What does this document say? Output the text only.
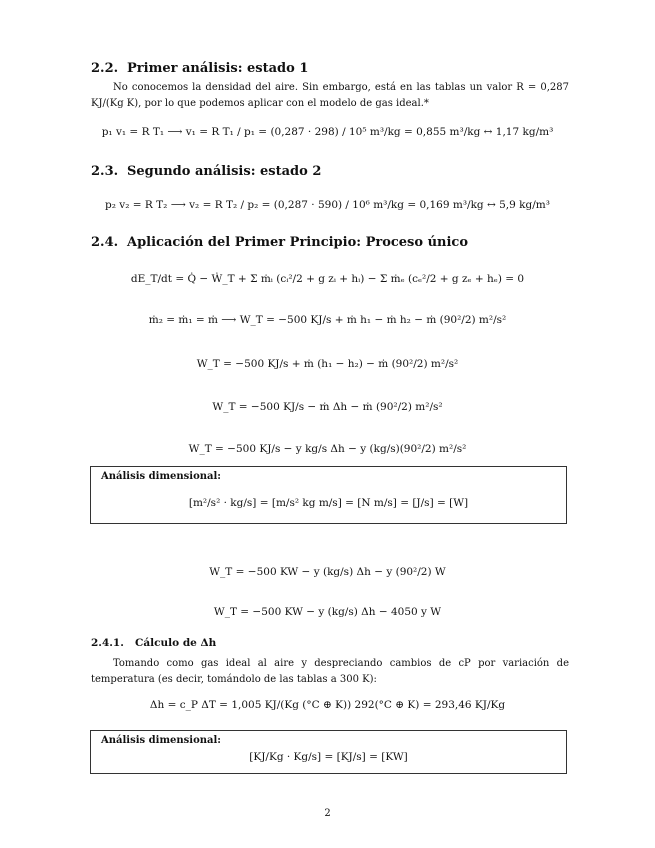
2.2. Primer análisis: estado 1
No conocemos la densidad del aire. Sin embargo, está en las tablas un valor R = 0,287 KJ/(Kg K), por lo que podemos aplicar con el modelo de gas ideal.*
p₁ v₁ = R T₁ ⟶ v₁ = R T₁ / p₁ = (0,287 · 298) / 10⁵ m³/kg = 0,855 m³/kg ↔ 1,17 kg/m³
2.3. Segundo análisis: estado 2
p₂ v₂ = R T₂ ⟶ v₂ = R T₂ / p₂ = (0,287 · 590) / 10⁶ m³/kg = 0,169 m³/kg ↔ 5,9 kg/m³
2.4. Aplicación del Primer Principio: Proceso único
dE_T/dt = Q̇ − Ẇ_T + Σ ṁᵢ (cᵢ²/2 + g zᵢ + hᵢ) − Σ ṁₑ (cₑ²/2 + g zₑ + hₑ) = 0
ṁ₂ = ṁ₁ = ṁ ⟶ W_T = −500 KJ/s + ṁ h₁ − ṁ h₂ − ṁ (90²/2) m²/s²
W_T = −500 KJ/s + ṁ (h₁ − h₂) − ṁ (90²/2) m²/s²
W_T = −500 KJ/s − ṁ Δh − ṁ (90²/2) m²/s²
W_T = −500 KJ/s − y kg/s Δh − y (kg/s)(90²/2) m²/s²
Análisis dimensional:
[m²/s² · kg/s] = [m/s² kg m/s] = [N m/s] = [J/s] = [W]
W_T = −500 KW − y (kg/s) Δh − y (90²/2) W
W_T = −500 KW − y (kg/s) Δh − 4050 y W
2.4.1. Cálculo de Δh
Tomando como gas ideal al aire y despreciando cambios de cP por variación de temperatura (es decir, tomándolo de las tablas a 300 K):
Δh = c_P ΔT = 1,005 KJ/(Kg (°C ⊕ K)) 292(°C ⊕ K) = 293,46 KJ/Kg
Análisis dimensional:
[KJ/Kg · Kg/s] = [KJ/s] = [KW]
2
